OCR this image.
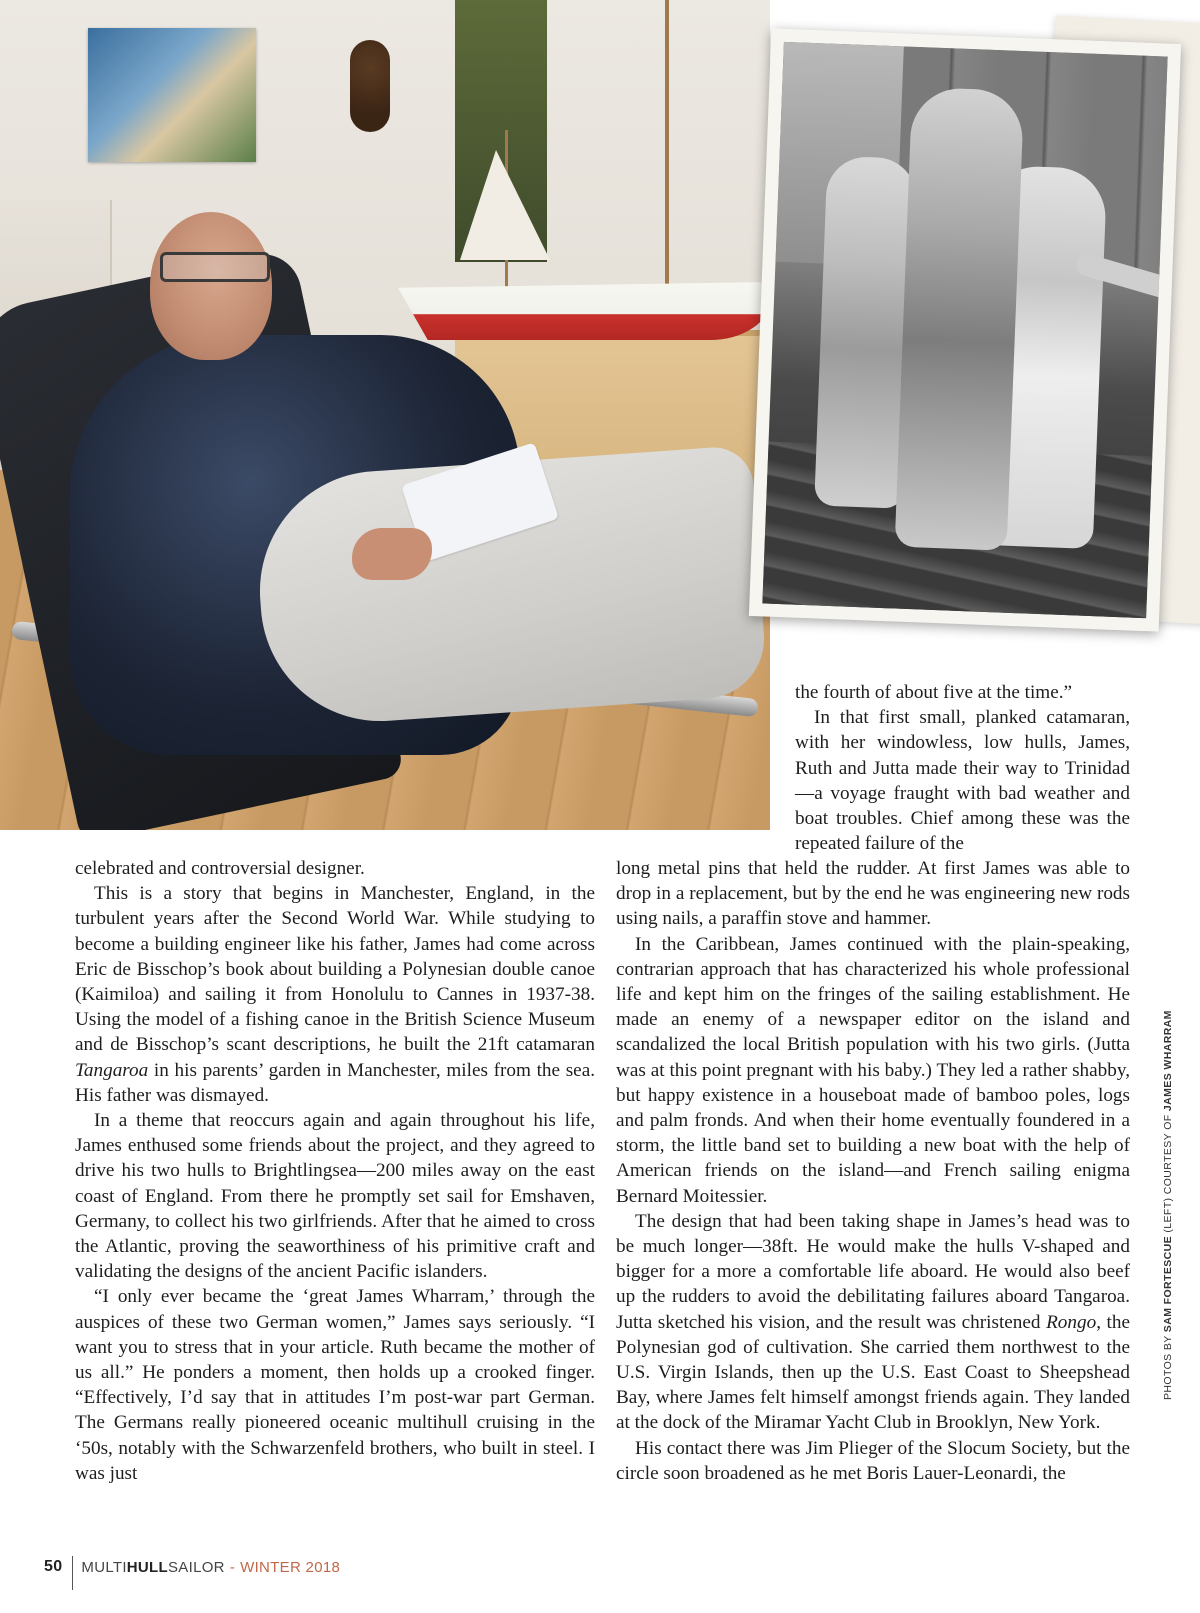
the fourth of about five at the time.”

In that first small, planked catamaran, with her windowless, low hulls, James, Ruth and Jutta made their way to Trinidad—a voyage fraught with bad weather and boat troubles. Chief among these was the repeated failure of the

celebrated and controversial designer.

This is a story that begins in Manchester, England, in the turbulent years after the Second World War. While studying to become a building engineer like his father, James had come across Eric de Bisschop’s book about building a Polynesian double canoe (Kaimiloa) and sailing it from Honolulu to Cannes in 1937-38. Using the model of a fishing canoe in the British Science Museum and de Bisschop’s scant descriptions, he built the 21ft catamaran Tangaroa in his parents’ garden in Manchester, miles from the sea. His father was dismayed.

In a theme that reoccurs again and again throughout his life, James enthused some friends about the project, and they agreed to drive his two hulls to Brightlingsea—200 miles away on the east coast of England. From there he promptly set sail for Emshaven, Germany, to collect his two girlfriends. After that he aimed to cross the Atlantic, proving the seaworthiness of his primitive craft and validating the designs of the ancient Pacific islanders.

“I only ever became the ‘great James Wharram,’ through the auspices of these two German women,” James says seriously. “I want you to stress that in your article. Ruth became the mother of us all.” He ponders a moment, then holds up a crooked finger. “Effectively, I’d say that in attitudes I’m post-war part German. The Germans really pioneered oceanic multihull cruising in the ‘50s, notably with the Schwarzenfeld brothers, who built in steel. I was just

long metal pins that held the rudder. At first James was able to drop in a replacement, but by the end he was engineering new rods using nails, a paraffin stove and hammer.

In the Caribbean, James continued with the plain-speaking, contrarian approach that has characterized his whole professional life and kept him on the fringes of the sailing establishment. He made an enemy of a newspaper editor on the island and scandalized the local British population with his two girls. (Jutta was at this point pregnant with his baby.) They led a rather shabby, but happy existence in a houseboat made of bamboo poles, logs and palm fronds. And when their home eventually foundered in a storm, the little band set to building a new boat with the help of American friends on the island—and French sailing enigma Bernard Moitessier.

The design that had been taking shape in James’s head was to be much longer—38ft. He would make the hulls V-shaped and bigger for a more a comfortable life aboard. He would also beef up the rudders to avoid the debilitating failures aboard Tangaroa. Jutta sketched his vision, and the result was christened Rongo, the Polynesian god of cultivation. She carried them northwest to the U.S. Virgin Islands, then up the U.S. East Coast to Sheepshead Bay, where James felt himself amongst friends again. They landed at the dock of the Miramar Yacht Club in Brooklyn, New York.

His contact there was Jim Plieger of the Slocum Society, but the circle soon broadened as he met Boris Lauer-Leonardi, the

PHOTOS BY SAM FORTESCUE (LEFT) COURTESY OF JAMES WHARRAM
50 MULTI HULL SAILOR - WINTER 2018
